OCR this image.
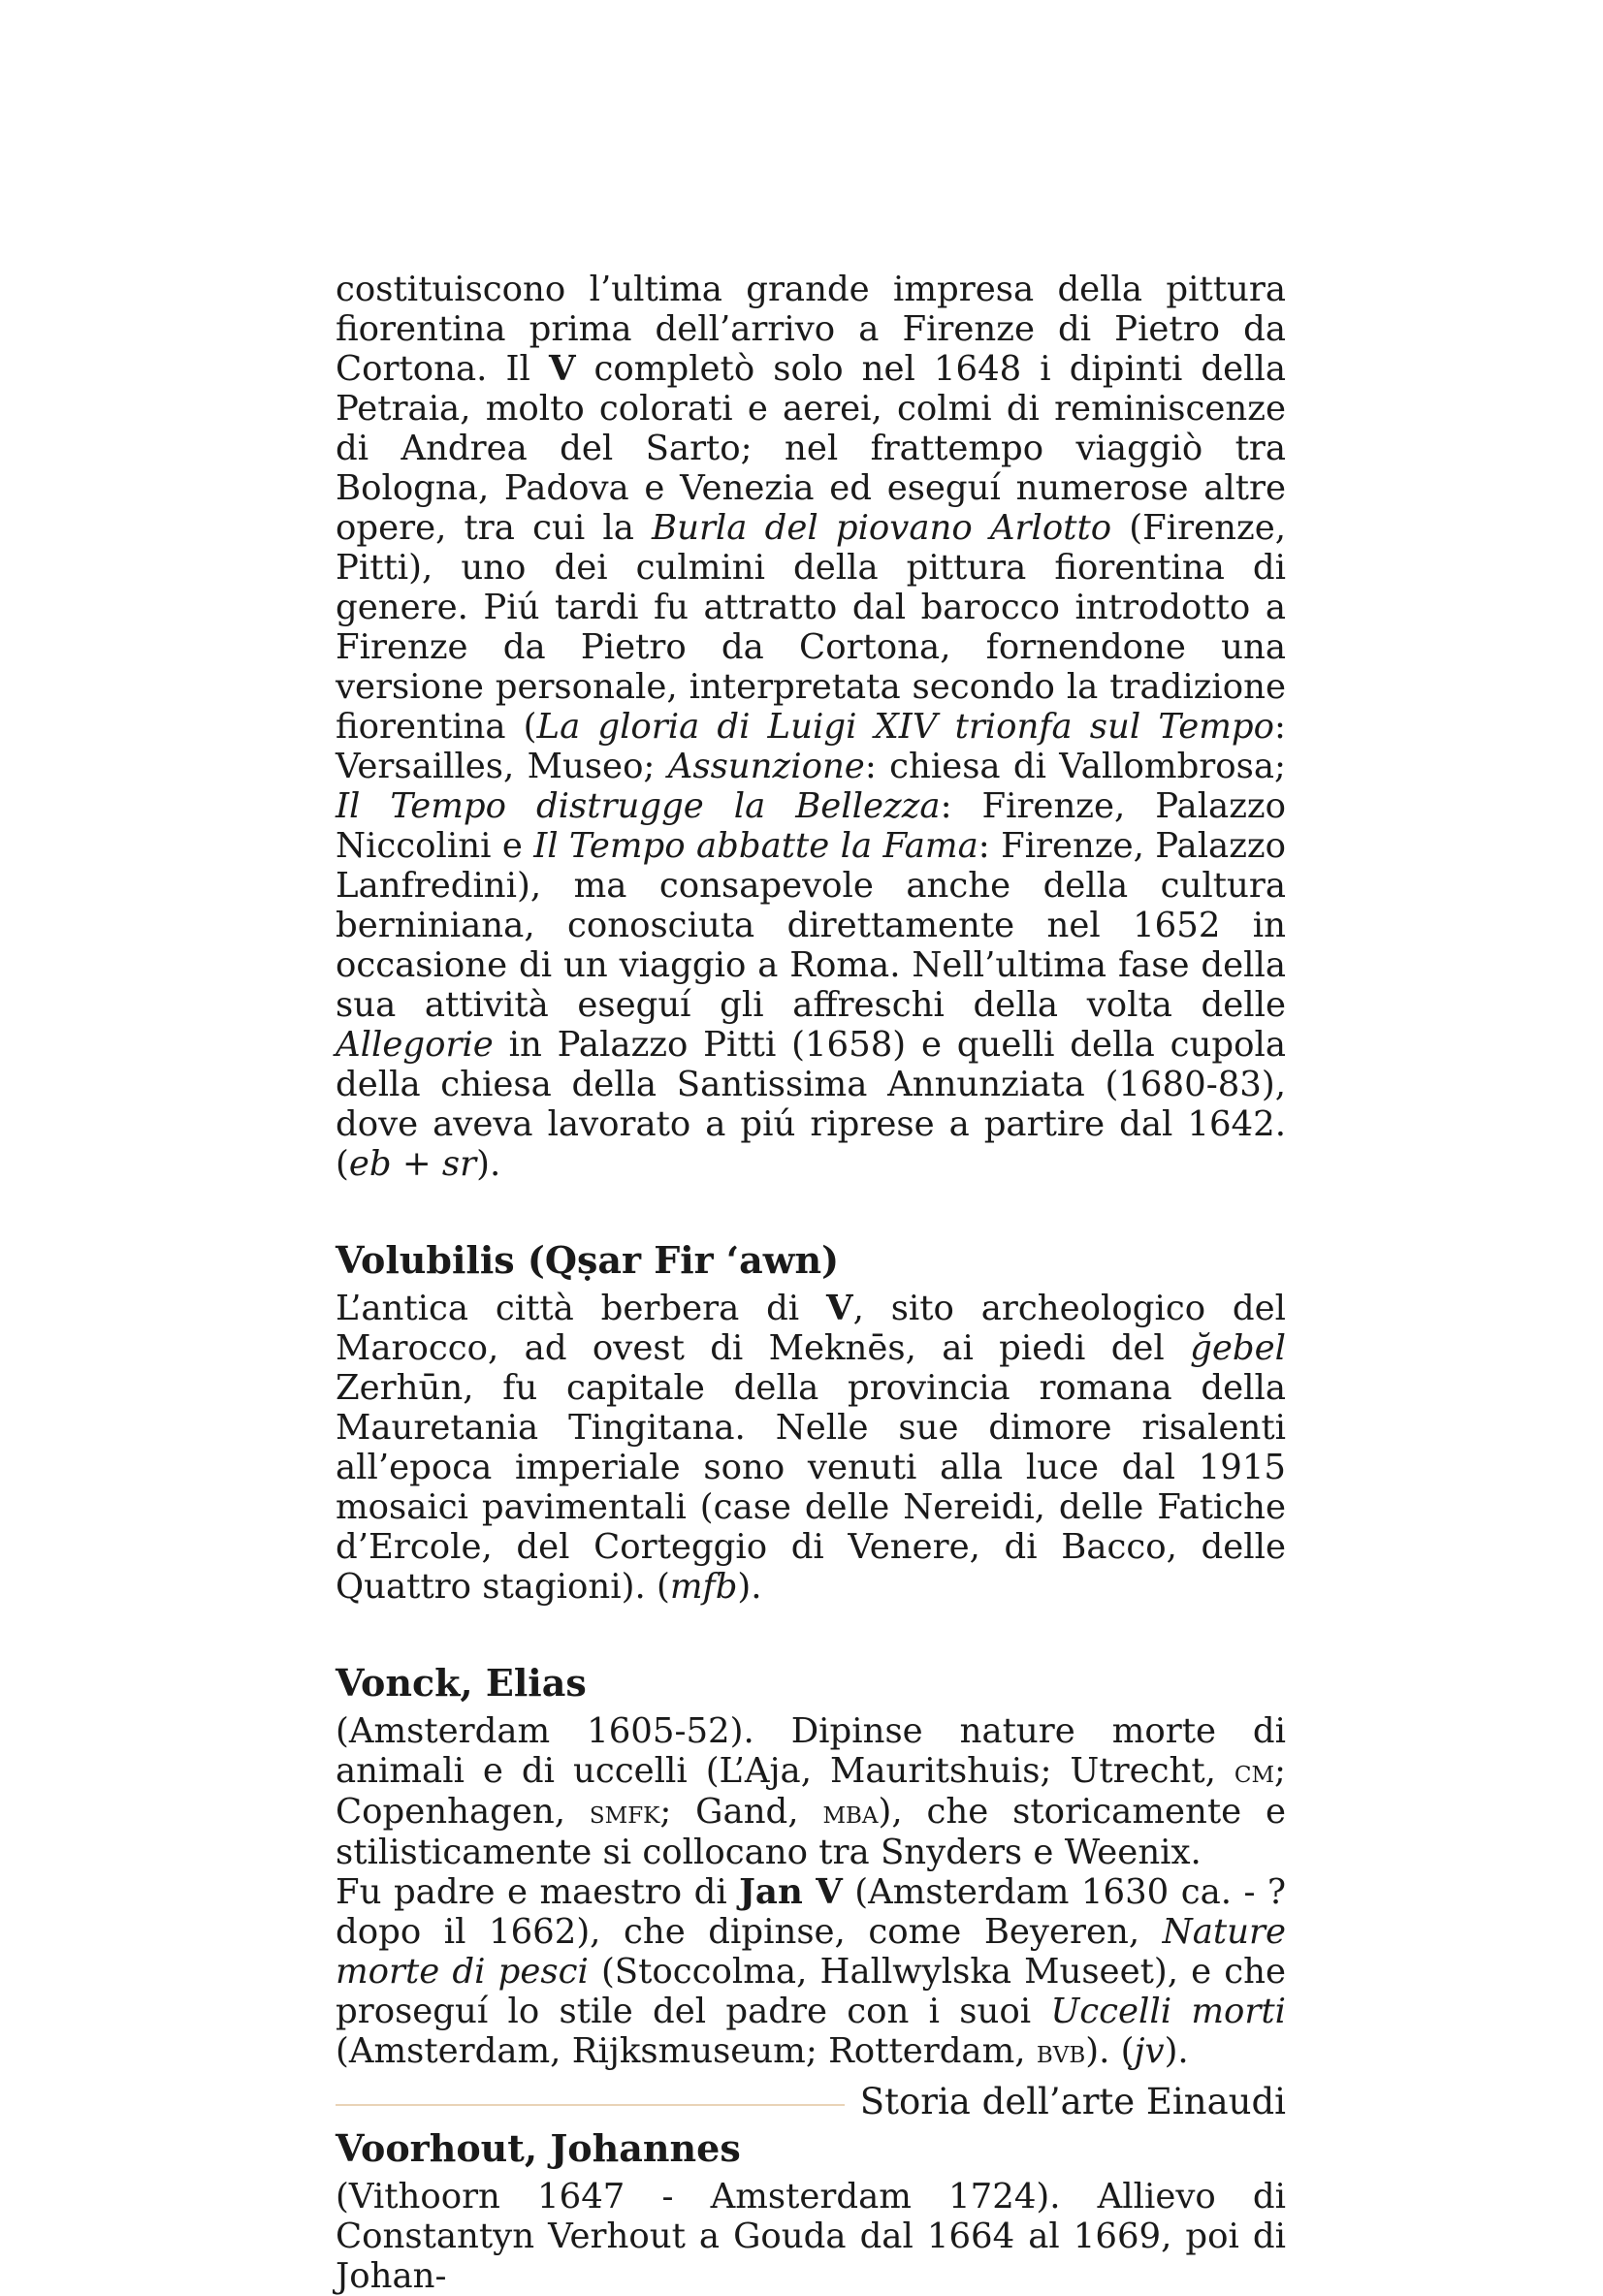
costituiscono l’ultima grande impresa della pittura fiorentina prima dell’arrivo a Firenze di Pietro da Cortona. Il V completò solo nel 1648 i dipinti della Petraia, molto colorati e aerei, colmi di reminiscenze di Andrea del Sarto; nel frattempo viaggiò tra Bologna, Padova e Venezia ed eseguí numerose altre opere, tra cui la Burla del piovano Arlotto (Firenze, Pitti), uno dei culmini della pittura fiorentina di genere. Piú tardi fu attratto dal barocco introdotto a Firenze da Pietro da Cortona, fornendone una versione personale, interpretata secondo la tradizione fiorentina (La gloria di Luigi XIV trionfa sul Tempo: Versailles, Museo; Assunzione: chiesa di Vallombrosa; Il Tempo distrugge la Bellezza: Firenze, Palazzo Niccolini e Il Tempo abbatte la Fama: Firenze, Palazzo Lanfredini), ma consapevole anche della cultura berniniana, conosciuta direttamente nel 1652 in occasione di un viaggio a Roma. Nell’ultima fase della sua attività eseguí gli affreschi della volta delle Allegorie in Palazzo Pitti (1658) e quelli della cupola della chiesa della Santissima Annunziata (1680-83), dove aveva lavorato a piú riprese a partire dal 1642. (eb + sr).

Volubilis (Qṣar Fir ‘awn)

L’antica città berbera di V, sito archeologico del Marocco, ad ovest di Meknēs, ai piedi del ğebel Zerhūn, fu capitale della provincia romana della Mauretania Tingitana. Nelle sue dimore risalenti all’epoca imperiale sono venuti alla luce dal 1915 mosaici pavimentali (case delle Nereidi, delle Fatiche d’Ercole, del Corteggio di Venere, di Bacco, delle Quattro stagioni). (mfb).

Vonck, Elias

(Amsterdam 1605-52). Dipinse nature morte di animali e di uccelli (L’Aja, Mauritshuis; Utrecht, cm; Copenhagen, smfk; Gand, mba), che storicamente e stilisticamente si collocano tra Snyders e Weenix.

Fu padre e maestro di Jan V (Amsterdam 1630 ca. - ? dopo il 1662), che dipinse, come Beyeren, Nature morte di pesci (Stoccolma, Hallwylska Museet), e che proseguí lo stile del padre con i suoi Uccelli morti (Amsterdam, Rijksmuseum; Rotterdam, bvb). (jv).

Voorhout, Johannes

(Vithoorn 1647 - Amsterdam 1724). Allievo di Constantyn Verhout a Gouda dal 1664 al 1669, poi di Johan-

Storia dell’arte Einaudi
